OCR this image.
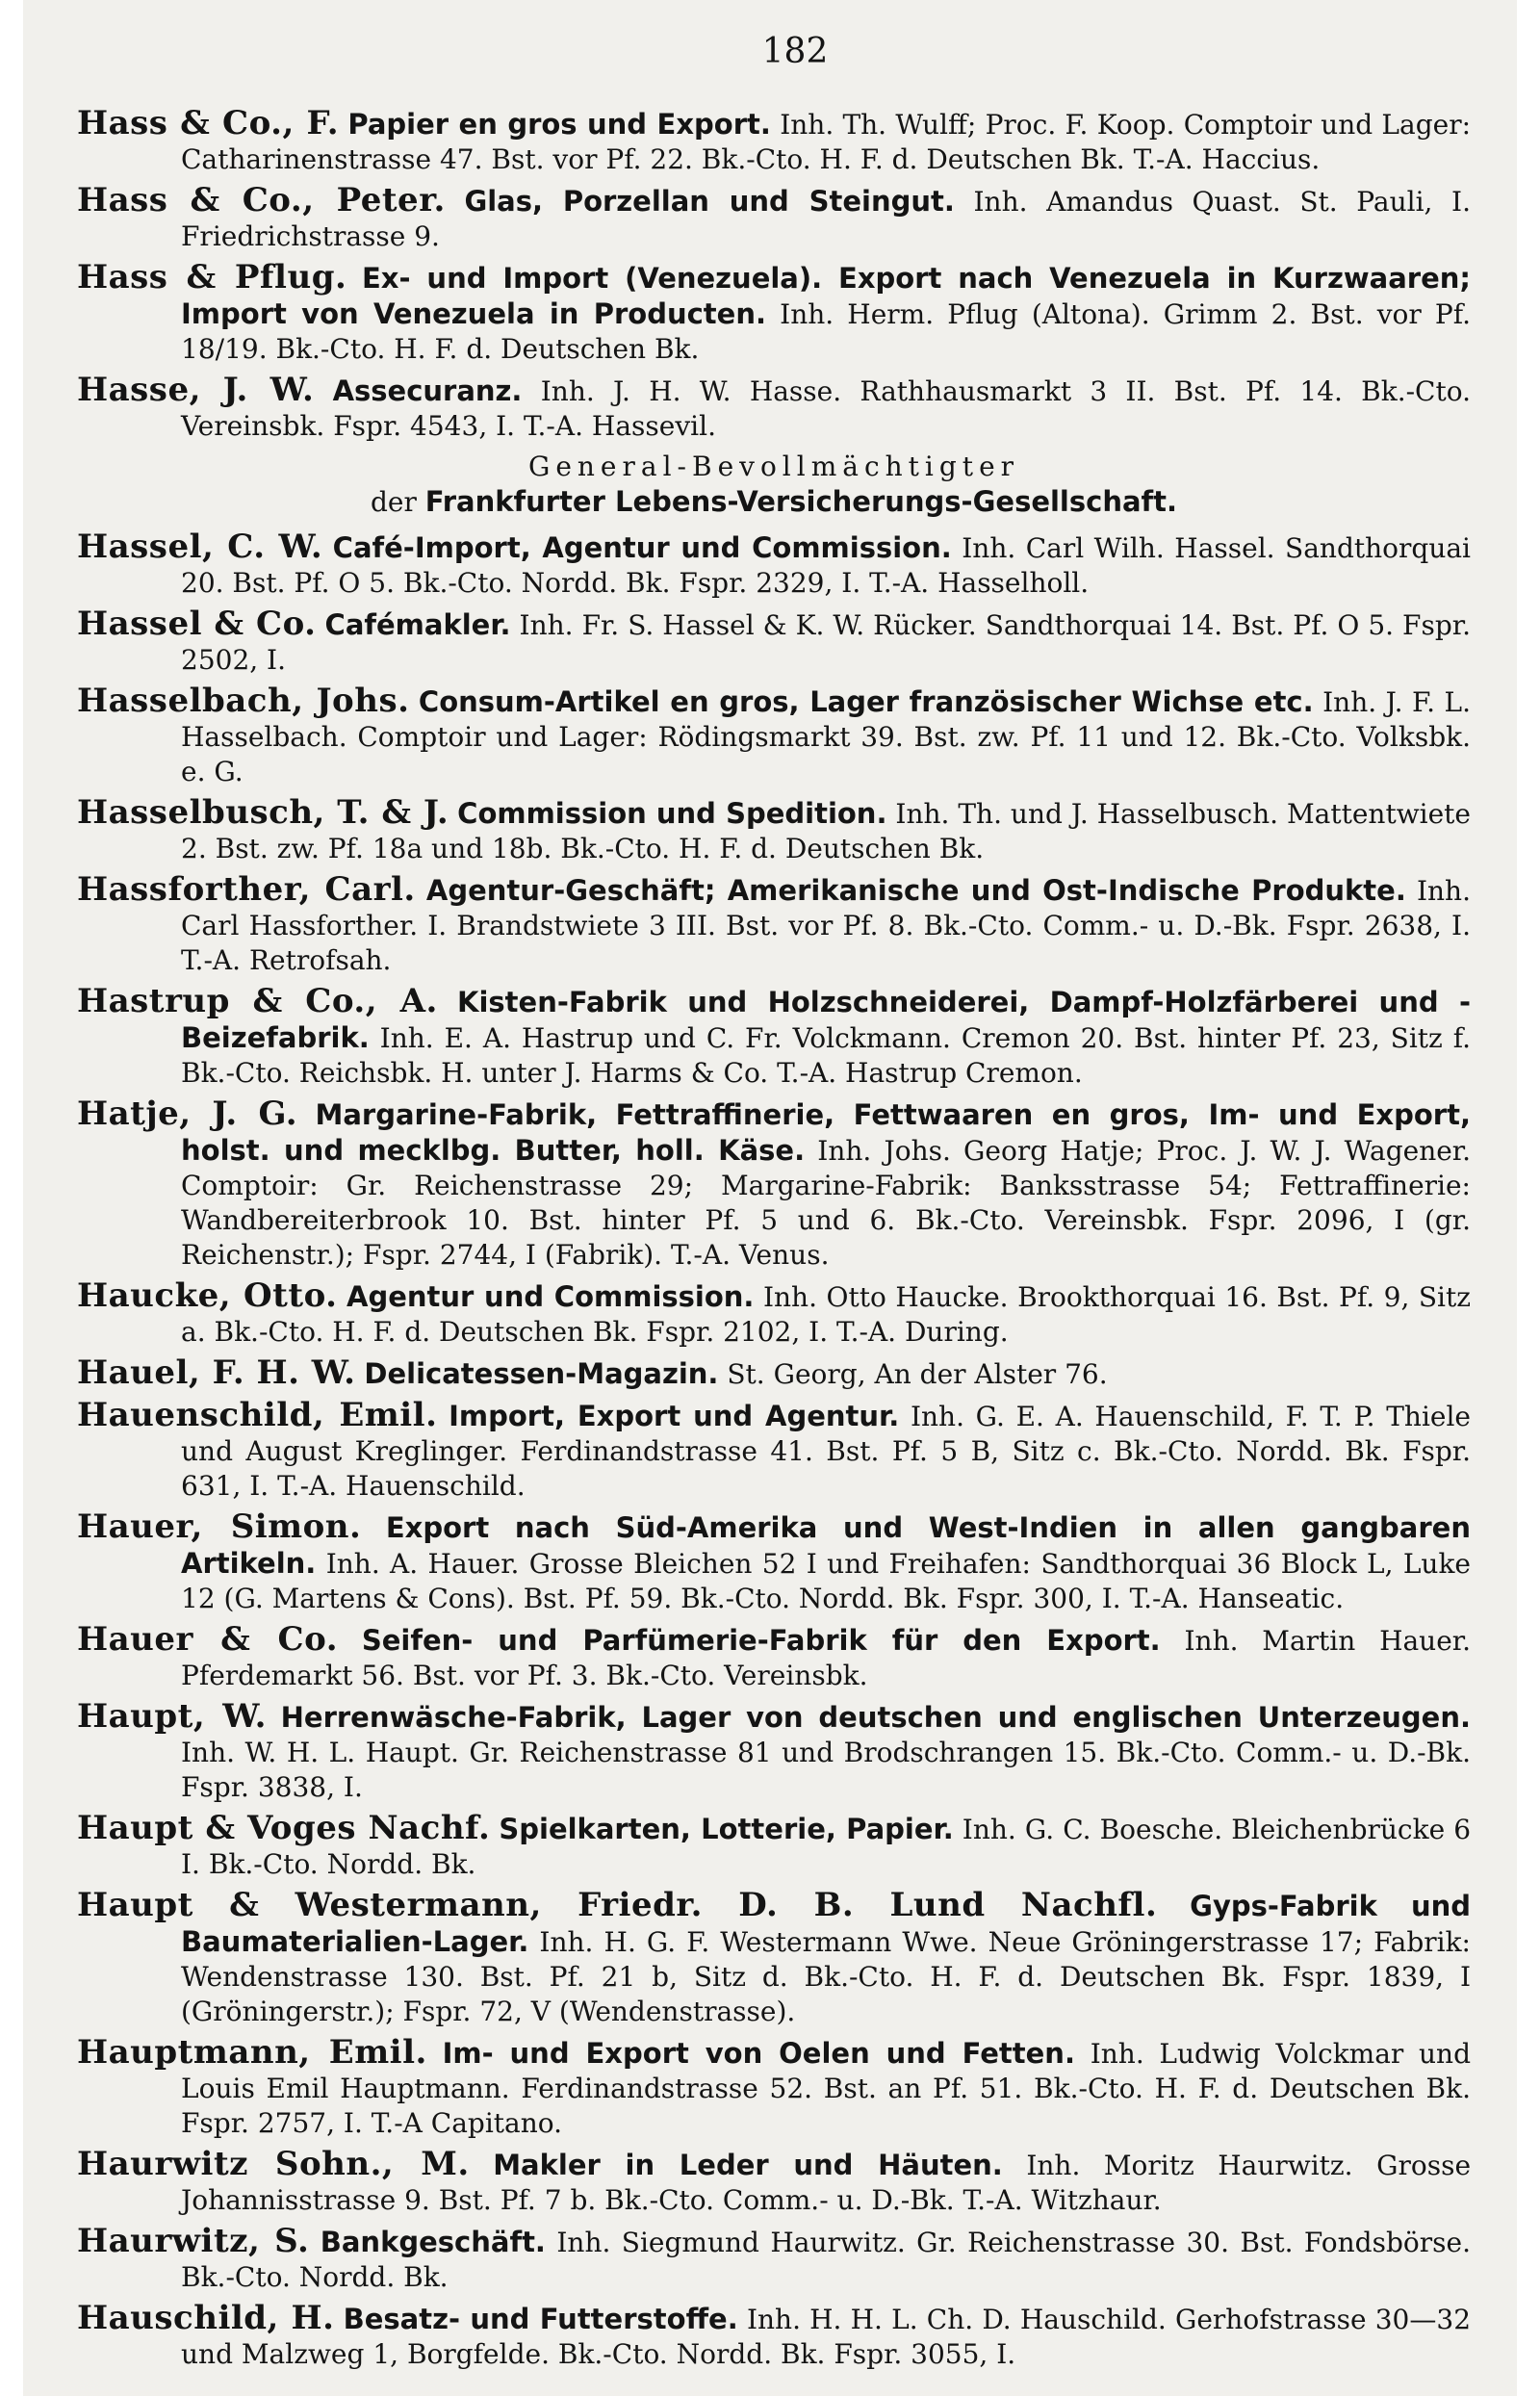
182

Hass & Co., F. Papier en gros und Export. Inh. Th. Wulff; Proc. F. Koop. Comptoir und Lager: Catharinenstrasse 47. Bst. vor Pf. 22. Bk.-Cto. H. F. d. Deutschen Bk. T.-A. Haccius.

Hass & Co., Peter. Glas, Porzellan und Steingut. Inh. Amandus Quast. St. Pauli, I. Friedrichstrasse 9.

Hass & Pflug. Ex- und Import (Venezuela). Export nach Venezuela in Kurzwaaren; Import von Venezuela in Producten. Inh. Herm. Pflug (Altona). Grimm 2. Bst. vor Pf. 18/19. Bk.-Cto. H. F. d. Deutschen Bk.

Hasse, J. W. Assecuranz. Inh. J. H. W. Hasse. Rathhausmarkt 3 II. Bst. Pf. 14. Bk.-Cto. Vereinsbk. Fspr. 4543, I. T.-A. Hassevil.

General-Bevollmächtigter
der Frankfurter Lebens-Versicherungs-Gesellschaft.

Hassel, C. W. Café-Import, Agentur und Commission. Inh. Carl Wilh. Hassel. Sandthorquai 20. Bst. Pf. O 5. Bk.-Cto. Nordd. Bk. Fspr. 2329, I. T.-A. Hasselholl.

Hassel & Co. Cafémakler. Inh. Fr. S. Hassel & K. W. Rücker. Sandthorquai 14. Bst. Pf. O 5. Fspr. 2502, I.

Hasselbach, Johs. Consum-Artikel en gros, Lager französischer Wichse etc. Inh. J. F. L. Hasselbach. Comptoir und Lager: Rödingsmarkt 39. Bst. zw. Pf. 11 und 12. Bk.-Cto. Volksbk. e. G.

Hasselbusch, T. & J. Commission und Spedition. Inh. Th. und J. Hasselbusch. Mattentwiete 2. Bst. zw. Pf. 18a und 18b. Bk.-Cto. H. F. d. Deutschen Bk.

Hassforther, Carl. Agentur-Geschäft; Amerikanische und Ost-Indische Produkte. Inh. Carl Hassforther. I. Brandstwiete 3 III. Bst. vor Pf. 8. Bk.-Cto. Comm.- u. D.-Bk. Fspr. 2638, I. T.-A. Retrofsah.

Hastrup & Co., A. Kisten-Fabrik und Holzschneiderei, Dampf-Holzfärberei und -Beizefabrik. Inh. E. A. Hastrup und C. Fr. Volckmann. Cremon 20. Bst. hinter Pf. 23, Sitz f. Bk.-Cto. Reichsbk. H. unter J. Harms & Co. T.-A. Hastrup Cremon.

Hatje, J. G. Margarine-Fabrik, Fettraffinerie, Fettwaaren en gros, Im- und Export, holst. und mecklbg. Butter, holl. Käse. Inh. Johs. Georg Hatje; Proc. J. W. J. Wagener. Comptoir: Gr. Reichenstrasse 29; Margarine-Fabrik: Banksstrasse 54; Fettraffinerie: Wandbereiterbrook 10. Bst. hinter Pf. 5 und 6. Bk.-Cto. Vereinsbk. Fspr. 2096, I (gr. Reichenstr.); Fspr. 2744, I (Fabrik). T.-A. Venus.

Haucke, Otto. Agentur und Commission. Inh. Otto Haucke. Brookthorquai 16. Bst. Pf. 9, Sitz a. Bk.-Cto. H. F. d. Deutschen Bk. Fspr. 2102, I. T.-A. During.

Hauel, F. H. W. Delicatessen-Magazin. St. Georg, An der Alster 76.

Hauenschild, Emil. Import, Export und Agentur. Inh. G. E. A. Hauenschild, F. T. P. Thiele und August Kreglinger. Ferdinandstrasse 41. Bst. Pf. 5 B, Sitz c. Bk.-Cto. Nordd. Bk. Fspr. 631, I. T.-A. Hauenschild.

Hauer, Simon. Export nach Süd-Amerika und West-Indien in allen gangbaren Artikeln. Inh. A. Hauer. Grosse Bleichen 52 I und Freihafen: Sandthorquai 36 Block L, Luke 12 (G. Martens & Cons). Bst. Pf. 59. Bk.-Cto. Nordd. Bk. Fspr. 300, I. T.-A. Hanseatic.

Hauer & Co. Seifen- und Parfümerie-Fabrik für den Export. Inh. Martin Hauer. Pferdemarkt 56. Bst. vor Pf. 3. Bk.-Cto. Vereinsbk.

Haupt, W. Herrenwäsche-Fabrik, Lager von deutschen und englischen Unterzeugen. Inh. W. H. L. Haupt. Gr. Reichenstrasse 81 und Brodschrangen 15. Bk.-Cto. Comm.- u. D.-Bk. Fspr. 3838, I.

Haupt & Voges Nachf. Spielkarten, Lotterie, Papier. Inh. G. C. Boesche. Bleichenbrücke 6 I. Bk.-Cto. Nordd. Bk.

Haupt & Westermann, Friedr. D. B. Lund Nachfl. Gyps-Fabrik und Baumaterialien-Lager. Inh. H. G. F. Westermann Wwe. Neue Gröningerstrasse 17; Fabrik: Wendenstrasse 130. Bst. Pf. 21 b, Sitz d. Bk.-Cto. H. F. d. Deutschen Bk. Fspr. 1839, I (Gröningerstr.); Fspr. 72, V (Wendenstrasse).

Hauptmann, Emil. Im- und Export von Oelen und Fetten. Inh. Ludwig Volckmar und Louis Emil Hauptmann. Ferdinandstrasse 52. Bst. an Pf. 51. Bk.-Cto. H. F. d. Deutschen Bk. Fspr. 2757, I. T.-A Capitano.

Haurwitz Sohn., M. Makler in Leder und Häuten. Inh. Moritz Haurwitz. Grosse Johannisstrasse 9. Bst. Pf. 7 b. Bk.-Cto. Comm.- u. D.-Bk. T.-A. Witzhaur.

Haurwitz, S. Bankgeschäft. Inh. Siegmund Haurwitz. Gr. Reichenstrasse 30. Bst. Fondsbörse. Bk.-Cto. Nordd. Bk.

Hauschild, H. Besatz- und Futterstoffe. Inh. H. H. L. Ch. D. Hauschild. Gerhofstrasse 30—32 und Malzweg 1, Borgfelde. Bk.-Cto. Nordd. Bk. Fspr. 3055, I.
